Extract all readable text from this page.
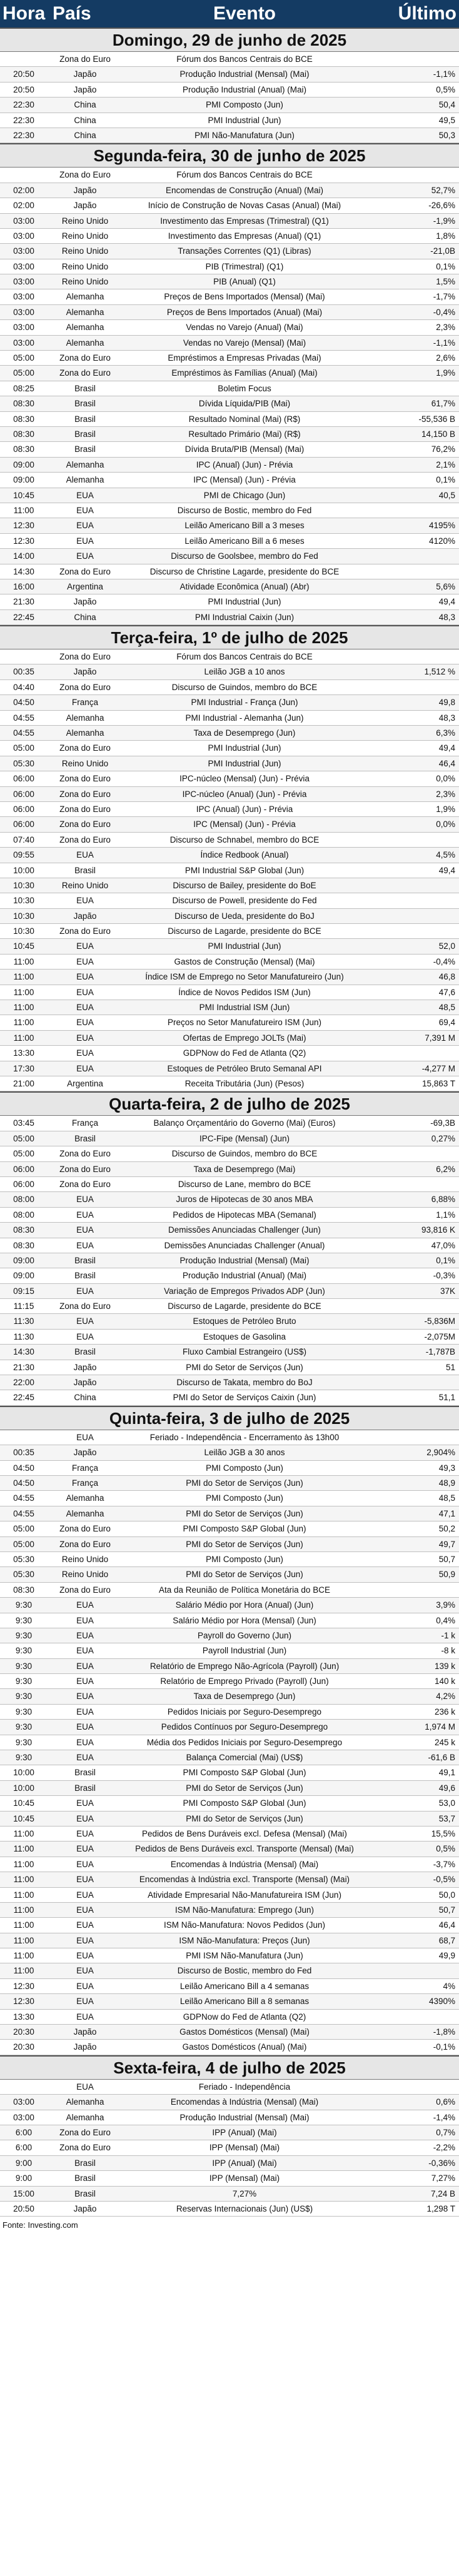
Hora País	Evento	Último
Domingo, 29 de junho de 2025
Zona do Euro	Fórum dos Bancos Centrais do BCE
20:50	Japão	Produção Industrial (Mensal) (Mai)	-1,1%
20:50	Japão	Produção Industrial (Anual) (Mai)	0,5%
22:30	China	PMI Composto (Jun)	50,4
22:30	China	PMI Industrial (Jun)	49,5
22:30	China	PMI Não-Manufatura (Jun)	50,3
Segunda-feira, 30 de junho de 2025
Zona do Euro	Fórum dos Bancos Centrais do BCE
02:00	Japão	Encomendas de Construção (Anual) (Mai)	52,7%
02:00	Japão	Início de Construção de Novas Casas (Anual) (Mai)	-26,6%
03:00	Reino Unido	Investimento das Empresas (Trimestral) (Q1)	-1,9%
03:00	Reino Unido	Investimento das Empresas (Anual) (Q1)	1,8%
03:00	Reino Unido	Transações Correntes (Q1) (Libras)	-21,0B
03:00	Reino Unido	PIB (Trimestral) (Q1)	0,1%
03:00	Reino Unido	PIB (Anual) (Q1)	1,5%
03:00	Alemanha	Preços de Bens Importados (Mensal) (Mai)	-1,7%
03:00	Alemanha	Preços de Bens Importados (Anual) (Mai)	-0,4%
03:00	Alemanha	Vendas no Varejo (Anual) (Mai)	2,3%
03:00	Alemanha	Vendas no Varejo (Mensal) (Mai)	-1,1%
05:00	Zona do Euro	Empréstimos a Empresas Privadas (Mai)	2,6%
05:00	Zona do Euro	Empréstimos às Famílias (Anual) (Mai)	1,9%
08:25	Brasil	Boletim Focus
08:30	Brasil	Dívida Líquida/PIB (Mai)	61,7%
08:30	Brasil	Resultado Nominal (Mai) (R$)	-55,536 B
08:30	Brasil	Resultado Primário (Mai) (R$)	14,150 B
08:30	Brasil	Dívida Bruta/PIB (Mensal) (Mai)	76,2%
09:00	Alemanha	IPC (Anual) (Jun) - Prévia	2,1%
09:00	Alemanha	IPC (Mensal) (Jun) - Prévia	0,1%
10:45	EUA	PMI de Chicago (Jun)	40,5
11:00	EUA	Discurso de Bostic, membro do Fed
12:30	EUA	Leilão Americano Bill a 3 meses	4195%
12:30	EUA	Leilão Americano Bill a 6 meses	4120%
14:00	EUA	Discurso de Goolsbee, membro do Fed
14:30	Zona do Euro	Discurso de Christine Lagarde, presidente do BCE
16:00	Argentina	Atividade Econômica (Anual) (Abr)	5,6%
21:30	Japão	PMI Industrial (Jun)	49,4
22:45	China	PMI Industrial Caixin (Jun)	48,3
Terça-feira, 1º de julho de 2025
Zona do Euro	Fórum dos Bancos Centrais do BCE
00:35	Japão	Leilão JGB a 10 anos	1,512 %
04:40	Zona do Euro	Discurso de Guindos, membro do BCE
04:50	França	PMI Industrial - França (Jun)	49,8
04:55	Alemanha	PMI Industrial - Alemanha (Jun)	48,3
04:55	Alemanha	Taxa de Desemprego (Jun)	6,3%
05:00	Zona do Euro	PMI Industrial (Jun)	49,4
05:30	Reino Unido	PMI Industrial (Jun)	46,4
06:00	Zona do Euro	IPC-núcleo (Mensal) (Jun) - Prévia	0,0%
06:00	Zona do Euro	IPC-núcleo (Anual) (Jun) - Prévia	2,3%
06:00	Zona do Euro	IPC (Anual) (Jun) - Prévia	1,9%
06:00	Zona do Euro	IPC (Mensal) (Jun) - Prévia	0,0%
07:40	Zona do Euro	Discurso de Schnabel, membro do BCE
09:55	EUA	Índice Redbook (Anual)	4,5%
10:00	Brasil	PMI Industrial S&P Global (Jun)	49,4
10:30	Reino Unido	Discurso de Bailey, presidente do BoE
10:30	EUA	Discurso de Powell, presidente do Fed
10:30	Japão	Discurso de Ueda, presidente do BoJ
10:30	Zona do Euro	Discurso de Lagarde, presidente do BCE
10:45	EUA	PMI Industrial (Jun)	52,0
11:00	EUA	Gastos de Construção (Mensal) (Mai)	-0,4%
11:00	EUA	Índice ISM de Emprego no Setor Manufatureiro (Jun)	46,8
11:00	EUA	Índice de Novos Pedidos ISM (Jun)	47,6
11:00	EUA	PMI Industrial ISM (Jun)	48,5
11:00	EUA	Preços no Setor Manufatureiro ISM (Jun)	69,4
11:00	EUA	Ofertas de Emprego JOLTs (Mai)	7,391 M
13:30	EUA	GDPNow do Fed de Atlanta (Q2)
17:30	EUA	Estoques de Petróleo Bruto Semanal API	-4,277 M
21:00	Argentina	Receita Tributária (Jun) (Pesos)	15,863 T
Quarta-feira, 2 de julho de 2025
03:45	França	Balanço Orçamentário do Governo (Mai) (Euros)	-69,3B
05:00	Brasil	IPC-Fipe (Mensal) (Jun)	0,27%
05:00	Zona do Euro	Discurso de Guindos, membro do BCE
06:00	Zona do Euro	Taxa de Desemprego (Mai)	6,2%
06:00	Zona do Euro	Discurso de Lane, membro do BCE
08:00	EUA	Juros de Hipotecas de 30 anos MBA	6,88%
08:00	EUA	Pedidos de Hipotecas MBA (Semanal)	1,1%
08:30	EUA	Demissões Anunciadas Challenger (Jun)	93,816 K
08:30	EUA	Demissões Anunciadas Challenger (Anual)	47,0%
09:00	Brasil	Produção Industrial (Mensal) (Mai)	0,1%
09:00	Brasil	Produção Industrial (Anual) (Mai)	-0,3%
09:15	EUA	Variação de Empregos Privados ADP (Jun)	37K
11:15	Zona do Euro	Discurso de Lagarde, presidente do BCE
11:30	EUA	Estoques de Petróleo Bruto	-5,836M
11:30	EUA	Estoques de Gasolina	-2,075M
14:30	Brasil	Fluxo Cambial Estrangeiro (US$)	-1,787B
21:30	Japão	PMI do Setor de Serviços (Jun)	51
22:00	Japão	Discurso de Takata, membro do BoJ
22:45	China	PMI do Setor de Serviços Caixin (Jun)	51,1
Quinta-feira, 3 de julho de 2025
EUA	Feriado - Independência - Encerramento às 13h00
00:35	Japão	Leilão JGB a 30 anos	2,904%
04:50	França	PMI Composto (Jun)	49,3
04:50	França	PMI do Setor de Serviços (Jun)	48,9
04:55	Alemanha	PMI Composto (Jun)	48,5
04:55	Alemanha	PMI do Setor de Serviços (Jun)	47,1
05:00	Zona do Euro	PMI Composto S&P Global (Jun)	50,2
05:00	Zona do Euro	PMI do Setor de Serviços (Jun)	49,7
05:30	Reino Unido	PMI Composto (Jun)	50,7
05:30	Reino Unido	PMI do Setor de Serviços (Jun)	50,9
08:30	Zona do Euro	Ata da Reunião de Política Monetária do BCE
9:30	EUA	Salário Médio por Hora (Anual) (Jun)	3,9%
9:30	EUA	Salário Médio por Hora (Mensal) (Jun)	0,4%
9:30	EUA	Payroll do Governo (Jun)	-1 k
9:30	EUA	Payroll Industrial (Jun)	-8 k
9:30	EUA	Relatório de Emprego Não-Agrícola (Payroll) (Jun)	139 k
9:30	EUA	Relatório de Emprego Privado (Payroll) (Jun)	140 k
9:30	EUA	Taxa de Desemprego (Jun)	4,2%
9:30	EUA	Pedidos Iniciais por Seguro-Desemprego	236 k
9:30	EUA	Pedidos Contínuos por Seguro-Desemprego	1,974 M
9:30	EUA	Média dos Pedidos Iniciais por Seguro-Desemprego	245 k
9:30	EUA	Balança Comercial (Mai) (US$)	-61,6 B
10:00	Brasil	PMI Composto S&P Global (Jun)	49,1
10:00	Brasil	PMI do Setor de Serviços (Jun)	49,6
10:45	EUA	PMI Composto S&P Global (Jun)	53,0
10:45	EUA	PMI do Setor de Serviços (Jun)	53,7
11:00	EUA	Pedidos de Bens Duráveis excl. Defesa (Mensal) (Mai)	15,5%
11:00	EUA	Pedidos de Bens Duráveis excl. Transporte (Mensal) (Mai)	0,5%
11:00	EUA	Encomendas à Indústria (Mensal) (Mai)	-3,7%
11:00	EUA	Encomendas à Indústria excl. Transporte (Mensal) (Mai)	-0,5%
11:00	EUA	Atividade Empresarial Não-Manufatureira ISM (Jun)	50,0
11:00	EUA	ISM Não-Manufatura: Emprego (Jun)	50,7
11:00	EUA	ISM Não-Manufatura: Novos Pedidos (Jun)	46,4
11:00	EUA	ISM Não-Manufatura: Preços (Jun)	68,7
11:00	EUA	PMI ISM Não-Manufatura (Jun)	49,9
11:00	EUA	Discurso de Bostic, membro do Fed
12:30	EUA	Leilão Americano Bill a 4 semanas	4%
12:30	EUA	Leilão Americano Bill a 8 semanas	4390%
13:30	EUA	GDPNow do Fed de Atlanta (Q2)
20:30	Japão	Gastos Domésticos (Mensal) (Mai)	-1,8%
20:30	Japão	Gastos Domésticos (Anual) (Mai)	-0,1%
Sexta-feira, 4 de julho de 2025
EUA	Feriado - Independência
03:00	Alemanha	Encomendas à Indústria (Mensal) (Mai)	0,6%
03:00	Alemanha	Produção Industrial (Mensal) (Mai)	-1,4%
6:00	Zona do Euro	IPP (Anual) (Mai)	0,7%
6:00	Zona do Euro	IPP (Mensal) (Mai)	-2,2%
9:00	Brasil	IPP (Anual) (Mai)	-0,36%
9:00	Brasil	IPP (Mensal) (Mai)	7,27%
15:00	Brasil	7,27%	7,24 B
20:50	Japão	Reservas Internacionais (Jun) (US$)	1,298 T
Fonte: Investing.com
